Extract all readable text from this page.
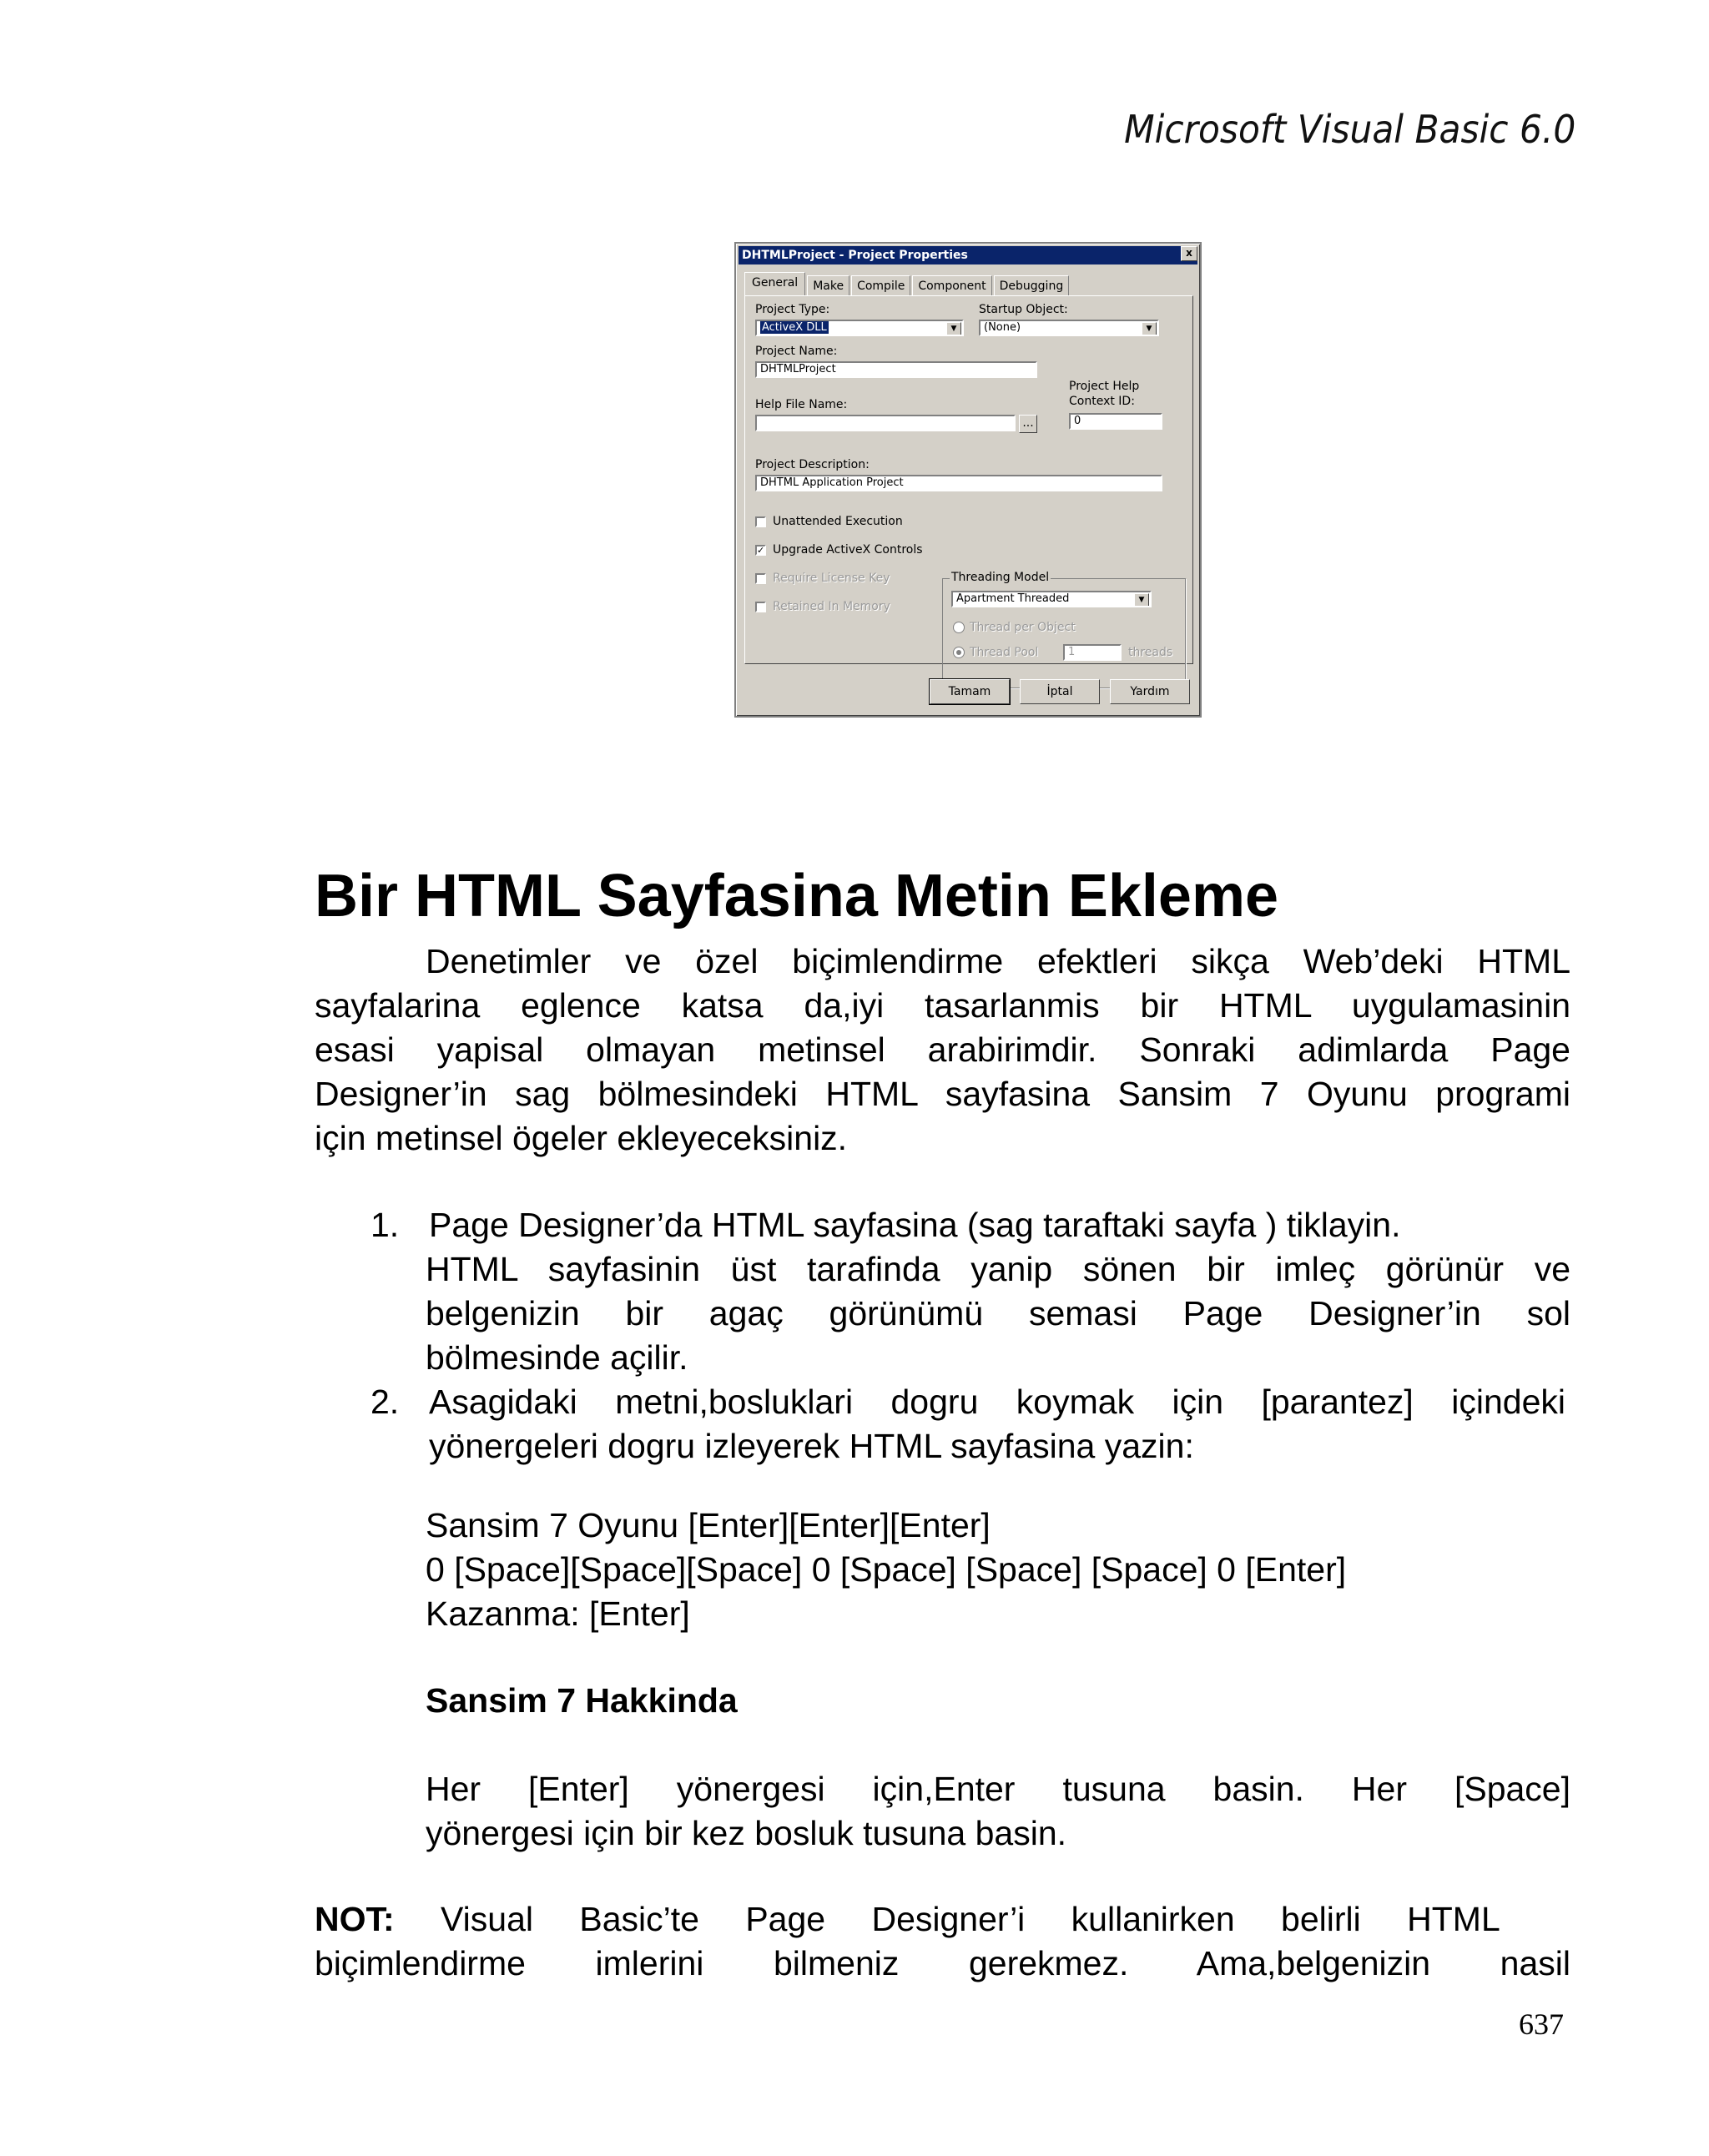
Microsoft Visual Basic 6.0
DHTMLProject - Project Properties	x
General	Make	Compile	Component	Debugging
Project Type:
ActiveX DLL	▼
Startup Object:
(None)	▼
Project Name:
DHTMLProject
Help File Name:
...
Project Help
Context ID:
0
Project Description:
DHTML Application Project
Unattended Execution
✓ Upgrade ActiveX Controls
Require License Key
Retained In Memory
Threading Model
Apartment Threaded	▼
Thread per Object
Thread Pool	1	threads
Tamam	İptal	Yardım
Bir HTML Sayfasina Metin Ekleme

Denetimler ve özel biçimlendirme efektleri sikça Web’deki HTML

sayfalarina eglence katsa da,iyi tasarlanmis bir HTML uygulamasinin

esasi yapisal olmayan metinsel arabirimdir. Sonraki adimlarda Page

Designer’in sag bölmesindeki HTML sayfasina Sansim 7 Oyunu programi

için metinsel ögeler ekleyeceksiniz.

1. Page Designer’da HTML sayfasina (sag taraftaki sayfa ) tiklayin.

HTML sayfasinin üst tarafinda yanip sönen bir imleç görünür ve

belgenizin bir agaç görünümü semasi Page Designer’in sol

bölmesinde açilir.

2. Asagidaki metni,bosluklari dogru koymak için [parantez] içindeki

yönergeleri dogru izleyerek HTML sayfasina yazin:

Sansim 7 Oyunu [Enter][Enter][Enter]

0 [Space][Space][Space] 0 [Space] [Space] [Space] 0 [Enter]

Kazanma: [Enter]

Sansim 7 Hakkinda

Her [Enter] yönergesi için,Enter tusuna basin. Her [Space]

yönergesi için bir kez bosluk tusuna basin.

NOT: Visual Basic’te Page Designer’i kullanirken belirli HTML

biçimlendirme imlerini bilmeniz gerekmez. Ama,belgenizin nasil

637
